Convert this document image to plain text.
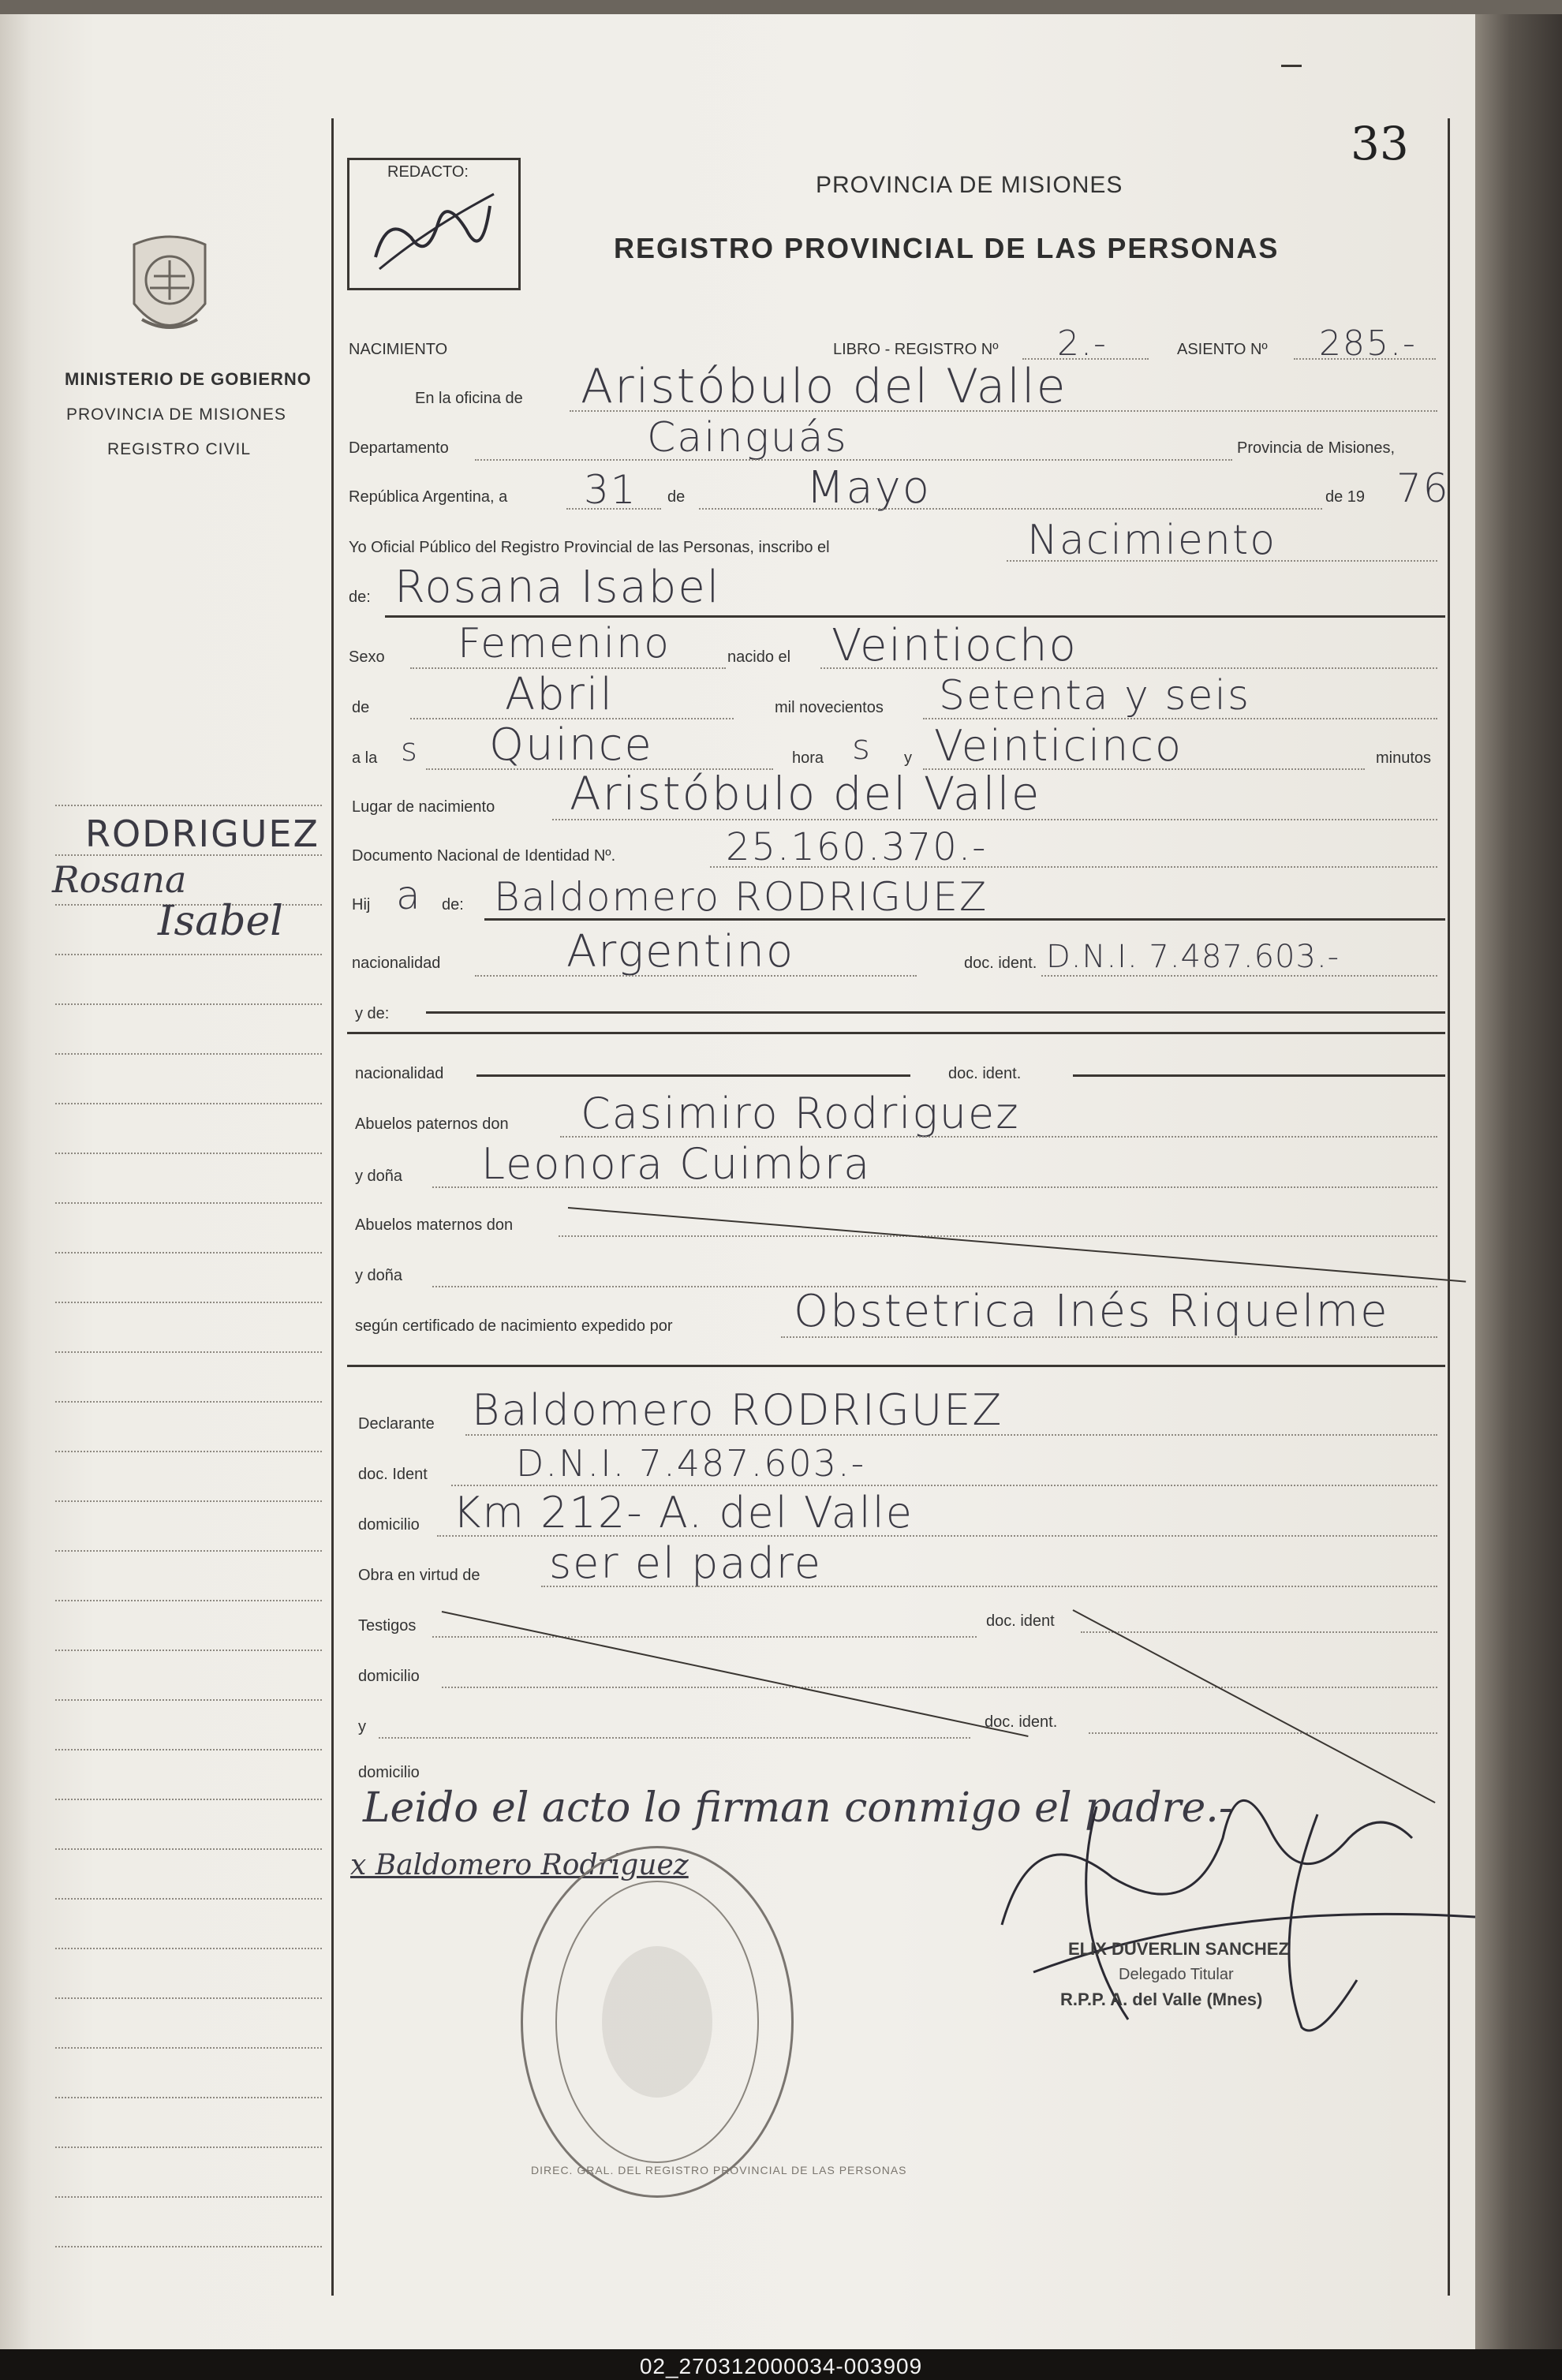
33
MINISTERIO DE GOBIERNO
PROVINCIA DE MISIONES
REGISTRO CIVIL
RODRIGUEZ
Rosana
Isabel
REDACTO:	PROVINCIA DE MISIONES
REGISTRO PROVINCIAL DE LAS PERSONAS
NACIMIENTO	LIBRO - REGISTRO Nº 2.-	ASIENTO Nº 285.-
En la oficina de Aristóbulo del Valle
Departamento	Cainguás	Provincia de Misiones,
República Argentina, a 31 de	Mayo	de 19 76
Yo Oficial Público del Registro Provincial de las Personas, inscribo el	Nacimiento
de: Rosana Isabel
Sexo Femenino	nacido el Veintiocho
de	Abril	mil novecientos Setenta y seis
a la s Quince	hora s y Veinticinco	minutos
Lugar de nacimiento Aristóbulo del Valle
Documento Nacional de Identidad Nº.	25.160.370.-
Hij a de: Baldomero RODRIGUEZ
nacionalidad	Argentino	doc. ident. D.N.I. 7.487.603.-
y de:
nacionalidad	doc. ident.
Abuelos paternos don Casimiro Rodriguez
y doña Leonora Cuimbra
Abuelos maternos don
y doña
según certificado de nacimiento expedido por	Obstetrica Inés Riquelme
Declarante Baldomero RODRIGUEZ
doc. Ident D.N.I. 7.487.603.-
domicilio Km 212- A. del Valle
Obra en virtud de ser el padre
Testigos	doc. ident
domicilio
y	doc. ident.
domicilio
Leido el acto lo firman conmigo el padre.-
x Baldomero Rodriguez
DIREC. GRAL. DEL REGISTRO PROVINCIAL DE LAS PERSONAS
ELIX DUVERLIN SANCHEZ
Delegado Titular
R.P.P. A. del Valle (Mnes)
02_270312000034-003909
